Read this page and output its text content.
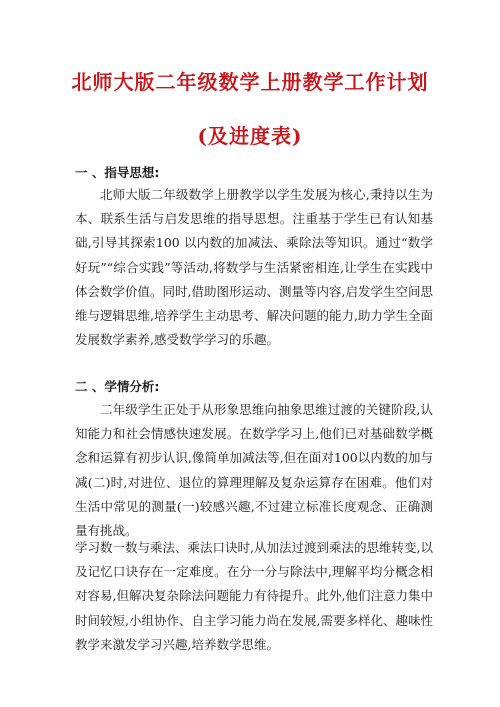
北师大版二年级数学上册教学工作计划
(及进度表)
一 、指导思想:
北师大版二年级数学上册教学以学生发展为核心,秉持以生为本、联系生活与启发思维的指导思想。注重基于学生已有认知基础,引导其探索100 以内数的加减法、乘除法等知识。通过“数学好玩”“综合实践”等活动,将数学与生活紧密相连,让学生在实践中体会数学价值。同时,借助图形运动、测量等内容,启发学生空间思维与逻辑思维,培养学生主动思考、解决问题的能力,助力学生全面发展数学素养,感受数学学习的乐趣。
二 、学情分析:
二年级学生正处于从形象思维向抽象思维过渡的关键阶段,认知能力和社会情感快速发展。在数学学习上,他们已对基础数学概念和运算有初步认识,像简单加减法等,但在面对100以内数的加与减(二)时,对进位、退位的算理理解及复杂运算存在困难。他们对生活中常见的测量(一)较感兴趣,不过建立标准长度观念、正确测量有挑战。
学习数一数与乘法、乘法口诀时,从加法过渡到乘法的思维转变,以及记忆口诀存在一定难度。在分一分与除法中,理解平均分概念相对容易,但解决复杂除法问题能力有待提升。此外,他们注意力集中时间较短,小组协作、自主学习能力尚在发展,需要多样化、趣味性教学来激发学习兴趣,培养数学思维。
